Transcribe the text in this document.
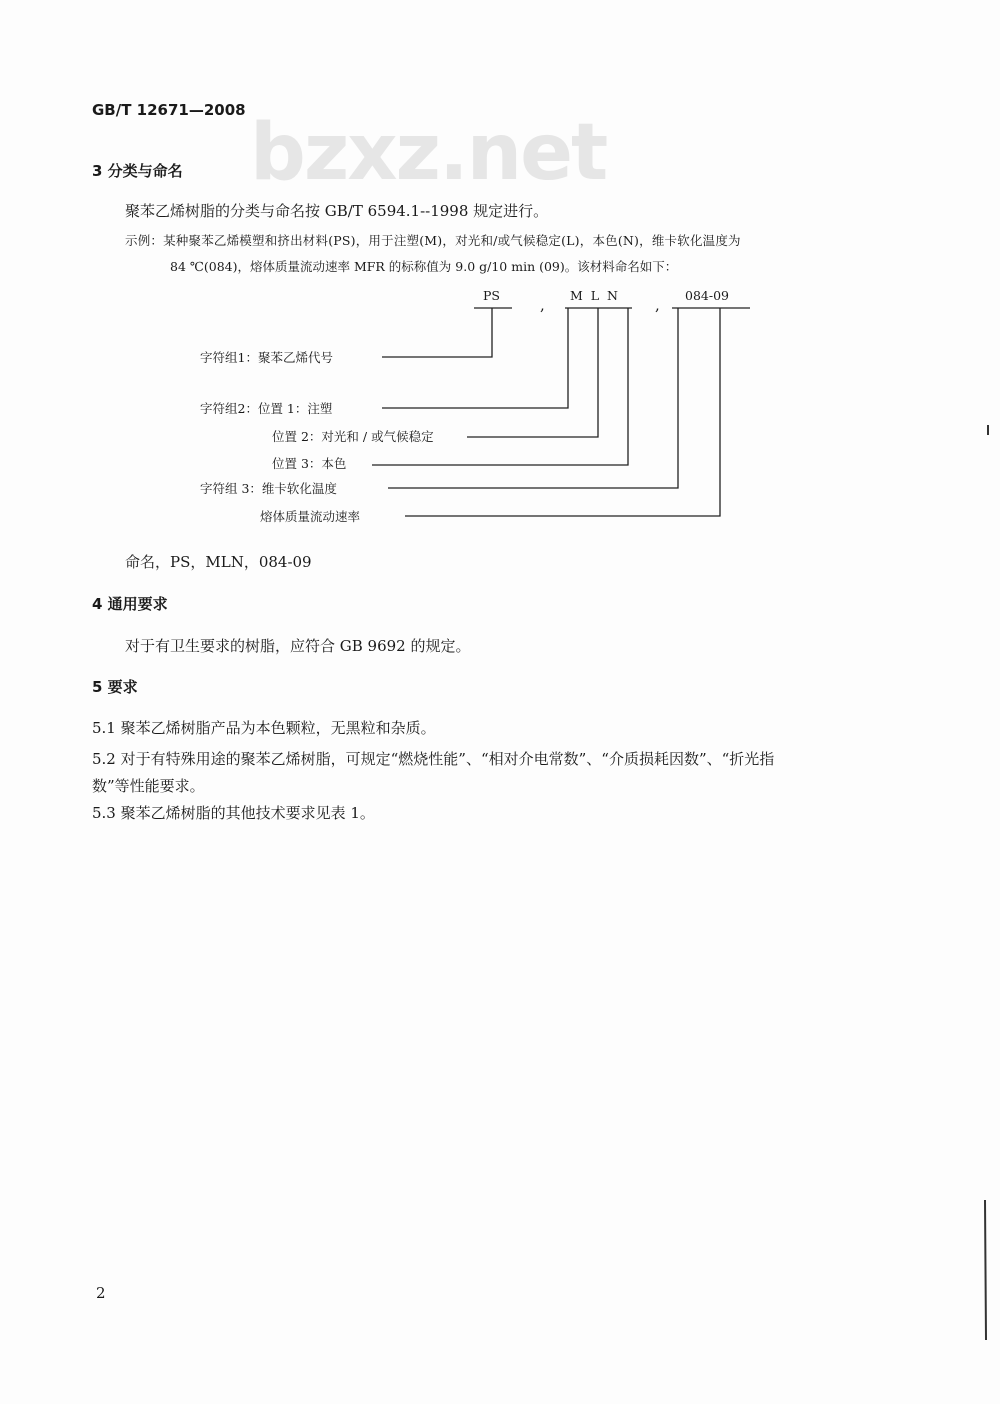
bzxz.net
GB/T 12671—2008
3 分类与命名
聚苯乙烯树脂的分类与命名按 GB/T 6594.1--1998 规定进行。
示例：某种聚苯乙烯模塑和挤出材料(PS)，用于注塑(M)，对光和/或气候稳定(L)，本色(N)，维卡软化温度为
84 ℃(084)，熔体质量流动速率 MFR 的标称值为 9.0 g/10 min (09)。该材料命名如下：
PS
,
M L N
,
084-09
字符组1：聚苯乙烯代号
字符组2：位置 1：注塑
位置 2：对光和 / 或气候稳定
位置 3：本色
字符组 3：维卡软化温度
熔体质量流动速率
命名，PS，MLN，084-09
4 通用要求
对于有卫生要求的树脂，应符合 GB 9692 的规定。
5 要求
5.1 聚苯乙烯树脂产品为本色颗粒，无黑粒和杂质。
5.2 对于有特殊用途的聚苯乙烯树脂，可规定“燃烧性能”、“相对介电常数”、“介质损耗因数”、“折光指
数”等性能要求。
5.3 聚苯乙烯树脂的其他技术要求见表 1。
2
